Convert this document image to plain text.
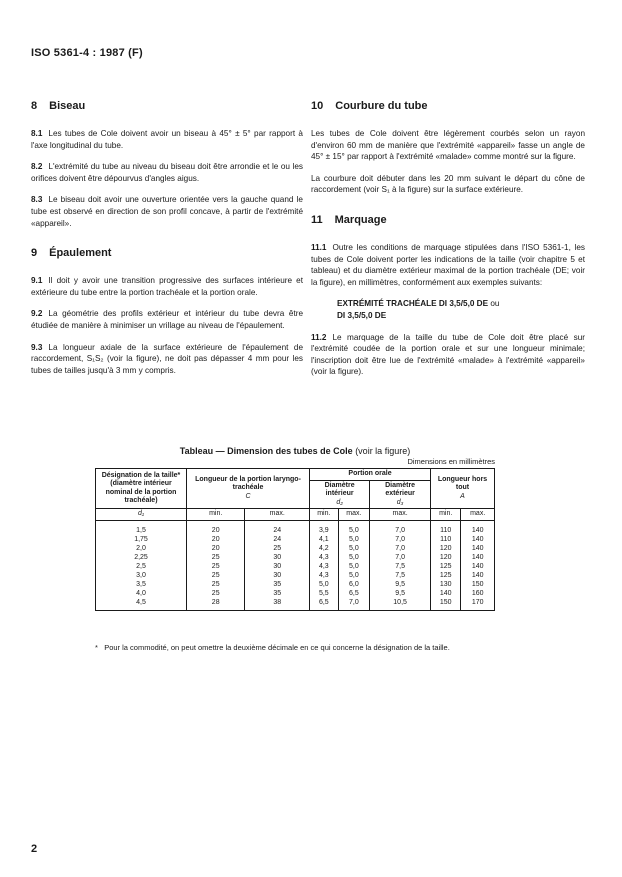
ISO 5361-4 : 1987 (F)
8 Biseau

8.1 Les tubes de Cole doivent avoir un biseau à 45° ± 5° par rapport à l'axe longitudinal du tube.

8.2 L'extrémité du tube au niveau du biseau doit être arrondie et le ou les orifices doivent être dépourvus d'angles aigus.

8.3 Le biseau doit avoir une ouverture orientée vers la gauche quand le tube est observé en direction de son profil concave, à partir de l'extrémité «appareil».

9 Épaulement

9.1 Il doit y avoir une transition progressive des surfaces intérieure et extérieure du tube entre la portion trachéale et la portion orale.

9.2 La géométrie des profils extérieur et intérieur du tube devra être étudiée de manière à minimiser un vrillage au niveau de l'épaulement.

9.3 La longueur axiale de la surface extérieure de l'épaulement de raccordement, S₁S₂ (voir la figure), ne doit pas dépasser 4 mm pour les tubes de tailles jusqu'à 3 mm y compris.

10 Courbure du tube

Les tubes de Cole doivent être légèrement courbés selon un rayon d'environ 60 mm de manière que l'extrémité «appareil» fasse un angle de 45° ± 15° par rapport à l'extrémité «malade» comme montré sur la figure.

La courbure doit débuter dans les 20 mm suivant le départ du cône de raccordement (voir S₁ à la figure) sur la surface extérieure.

11 Marquage

11.1 Outre les conditions de marquage stipulées dans l'ISO 5361-1, les tubes de Cole doivent porter les indications de la taille (voir chapitre 5 et tableau) et du diamètre extérieur maximal de la portion trachéale (DE; voir la figure), en millimètres, conformément aux exemples suivants:

EXTRÉMITÉ TRACHÉALE DI 3,5/5,0 DE ou
DI 3,5/5,0 DE

11.2 Le marquage de la taille du tube de Cole doit être placé sur l'extrémité coudée de la portion orale et sur une longueur minimale; l'inscription doit être lue de l'extrémité «malade» à l'extrémité «appareil» (voir la figure).

Tableau — Dimension des tubes de Cole (voir la figure)
Dimensions en millimètres
Désignation de la taille* (diamètre intérieur nominal de la portion trachéale)	Longueur de la portion laryngo-trachéale
C		Portion orale			Longueur hors tout
A	
			Diamètre intérieur
d₂		Diamètre extérieur
d₃		
d₁	min.	max.	min.	max.	max.	min.	max.
1,5	20	24	3,9	5,0	7,0	110	140
1,75	20	24	4,1	5,0	7,0	110	140
2,0	20	25	4,2	5,0	7,0	120	140
2,25	25	30	4,3	5,0	7,0	120	140
2,5	25	30	4,3	5,0	7,5	125	140
3,0	25	30	4,3	5,0	7,5	125	140
3,5	25	35	5,0	6,0	9,5	130	150
4,0	25	35	5,5	6,5	9,5	140	160
4,5	28	38	6,5	7,0	10,5	150	170
* Pour la commodité, on peut omettre la deuxième décimale en ce qui concerne la désignation de la taille.
2
